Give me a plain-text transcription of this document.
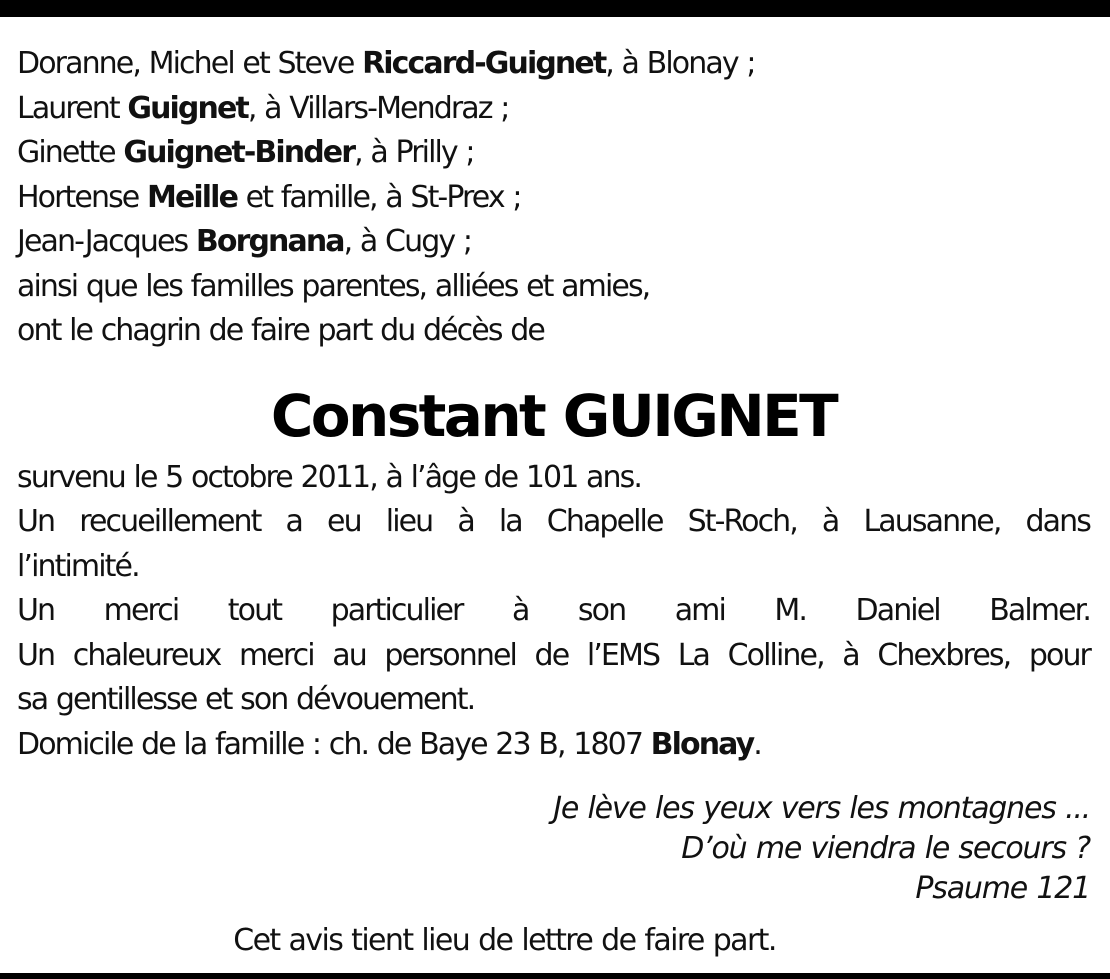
Doranne, Michel et Steve Riccard-Guignet, à Blonay ;
Laurent Guignet, à Villars-Mendraz ;
Ginette Guignet-Binder, à Prilly ;
Hortense Meille et famille, à St-Prex ;
Jean-Jacques Borgnana, à Cugy ;
ainsi que les familles parentes, alliées et amies,
ont le chagrin de faire part du décès de
Constant GUIGNET
survenu le 5 octobre 2011, à l’âge de 101 ans.
Un recueillement a eu lieu à la Chapelle St-Roch, à Lausanne, dans
l’intimité.
Un merci tout particulier à son ami M. Daniel Balmer.
Un chaleureux merci au personnel de l’EMS La Colline, à Chexbres, pour
sa gentillesse et son dévouement.
Domicile de la famille : ch. de Baye 23 B, 1807 Blonay.
Je lève les yeux vers les montagnes ...
D’où me viendra le secours ?
Psaume 121
Cet avis tient lieu de lettre de faire part.
